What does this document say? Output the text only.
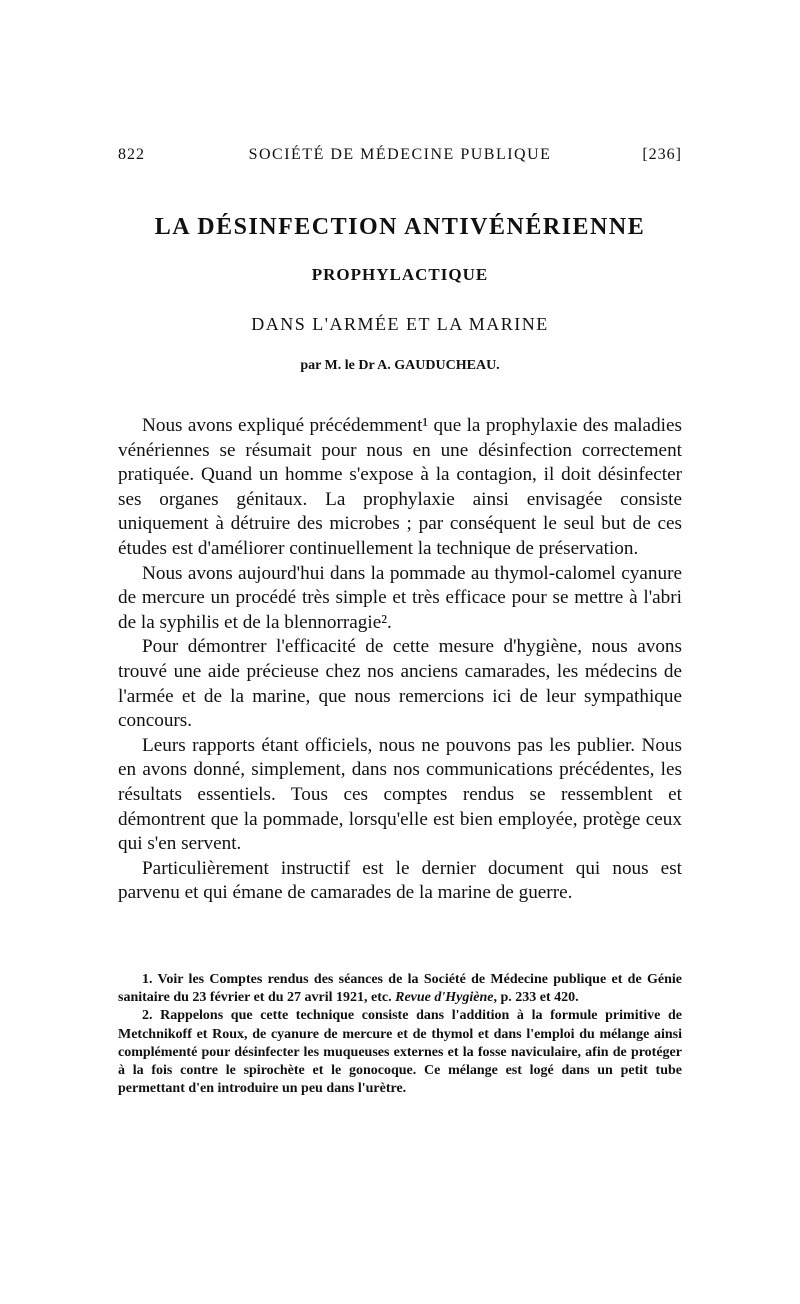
822	SOCIÉTÉ DE MÉDECINE PUBLIQUE	[236]
LA DÉSINFECTION ANTIVÉNÉRIENNE
PROPHYLACTIQUE
DANS L'ARMÉE ET LA MARINE
par M. le Dr A. GAUDUCHEAU.

Nous avons expliqué précédemment¹ que la prophylaxie des maladies vénériennes se résumait pour nous en une désinfection correctement pratiquée. Quand un homme s'expose à la contagion, il doit désinfecter ses organes génitaux. La prophylaxie ainsi envisagée consiste uniquement à détruire des microbes ; par conséquent le seul but de ces études est d'améliorer continuellement la technique de préservation.

Nous avons aujourd'hui dans la pommade au thymol-calomel cyanure de mercure un procédé très simple et très efficace pour se mettre à l'abri de la syphilis et de la blennorragie².

Pour démontrer l'efficacité de cette mesure d'hygiène, nous avons trouvé une aide précieuse chez nos anciens camarades, les médecins de l'armée et de la marine, que nous remercions ici de leur sympathique concours.

Leurs rapports étant officiels, nous ne pouvons pas les publier. Nous en avons donné, simplement, dans nos communications précédentes, les résultats essentiels. Tous ces comptes rendus se ressemblent et démontrent que la pommade, lorsqu'elle est bien employée, protège ceux qui s'en servent.

Particulièrement instructif est le dernier document qui nous est parvenu et qui émane de camarades de la marine de guerre.

1. Voir les Comptes rendus des séances de la Société de Médecine publique et de Génie sanitaire du 23 février et du 27 avril 1921, etc. Revue d'Hygiène, p. 233 et 420.

2. Rappelons que cette technique consiste dans l'addition à la formule primitive de Metchnikoff et Roux, de cyanure de mercure et de thymol et dans l'emploi du mélange ainsi complémenté pour désinfecter les muqueuses externes et la fosse naviculaire, afin de protéger à la fois contre le spirochète et le gonocoque. Ce mélange est logé dans un petit tube permettant d'en introduire un peu dans l'urètre.
